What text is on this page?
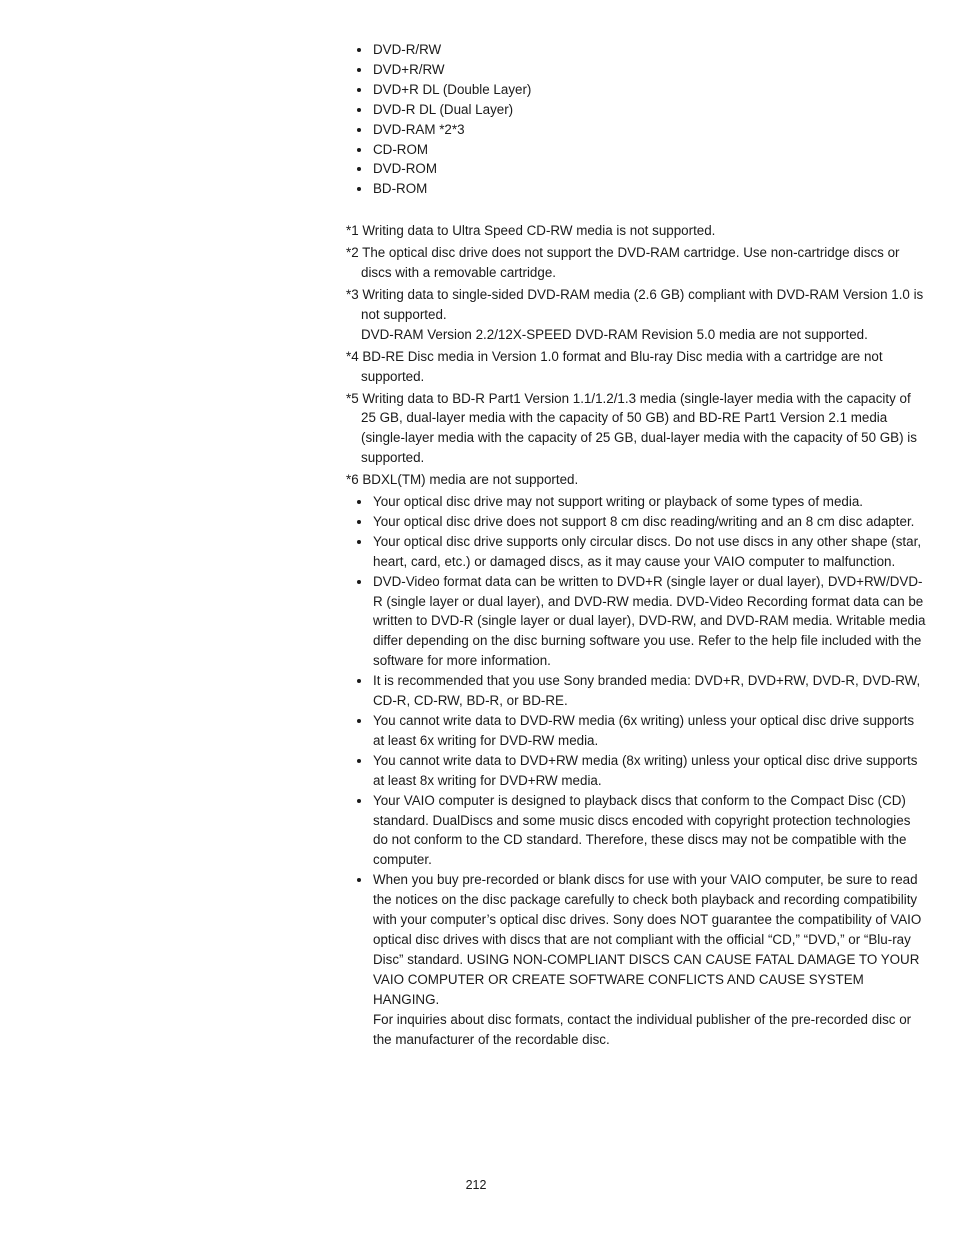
DVD-R/RW
DVD+R/RW
DVD+R DL (Double Layer)
DVD-R DL (Dual Layer)
DVD-RAM *2*3
CD-ROM
DVD-ROM
BD-ROM
*1 Writing data to Ultra Speed CD-RW media is not supported.
*2 The optical disc drive does not support the DVD-RAM cartridge. Use non-cartridge discs or discs with a removable cartridge.
*3 Writing data to single-sided DVD-RAM media (2.6 GB) compliant with DVD-RAM Version 1.0 is not supported.
DVD-RAM Version 2.2/12X-SPEED DVD-RAM Revision 5.0 media are not supported.
*4 BD-RE Disc media in Version 1.0 format and Blu-ray Disc media with a cartridge are not supported.
*5 Writing data to BD-R Part1 Version 1.1/1.2/1.3 media (single-layer media with the capacity of 25 GB, dual-layer media with the capacity of 50 GB) and BD-RE Part1 Version 2.1 media (single-layer media with the capacity of 25 GB, dual-layer media with the capacity of 50 GB) is supported.
*6 BDXL(TM) media are not supported.

Your optical disc drive may not support writing or playback of some types of media.

Your optical disc drive does not support 8 cm disc reading/writing and an 8 cm disc adapter.

Your optical disc drive supports only circular discs. Do not use discs in any other shape (star, heart, card, etc.) or damaged discs, as it may cause your VAIO computer to malfunction.

DVD-Video format data can be written to DVD+R (single layer or dual layer), DVD+RW/DVD-R (single layer or dual layer), and DVD-RW media. DVD-Video Recording format data can be written to DVD-R (single layer or dual layer), DVD-RW, and DVD-RAM media. Writable media differ depending on the disc burning software you use. Refer to the help file included with the software for more information.

It is recommended that you use Sony branded media: DVD+R, DVD+RW, DVD-R, DVD-RW, CD-R, CD-RW, BD-R, or BD-RE.

You cannot write data to DVD-RW media (6x writing) unless your optical disc drive supports at least 6x writing for DVD-RW media.

You cannot write data to DVD+RW media (8x writing) unless your optical disc drive supports at least 8x writing for DVD+RW media.

Your VAIO computer is designed to playback discs that conform to the Compact Disc (CD) standard. DualDiscs and some music discs encoded with copyright protection technologies do not conform to the CD standard. Therefore, these discs may not be compatible with the computer.

When you buy pre-recorded or blank discs for use with your VAIO computer, be sure to read the notices on the disc package carefully to check both playback and recording compatibility with your computer’s optical disc drives. Sony does NOT guarantee the compatibility of VAIO optical disc drives with discs that are not compliant with the official “CD,” “DVD,” or “Blu-ray Disc” standard. USING NON-COMPLIANT DISCS CAN CAUSE FATAL DAMAGE TO YOUR VAIO COMPUTER OR CREATE SOFTWARE CONFLICTS AND CAUSE SYSTEM HANGING.

For inquiries about disc formats, contact the individual publisher of the pre-recorded disc or the manufacturer of the recordable disc.

212
